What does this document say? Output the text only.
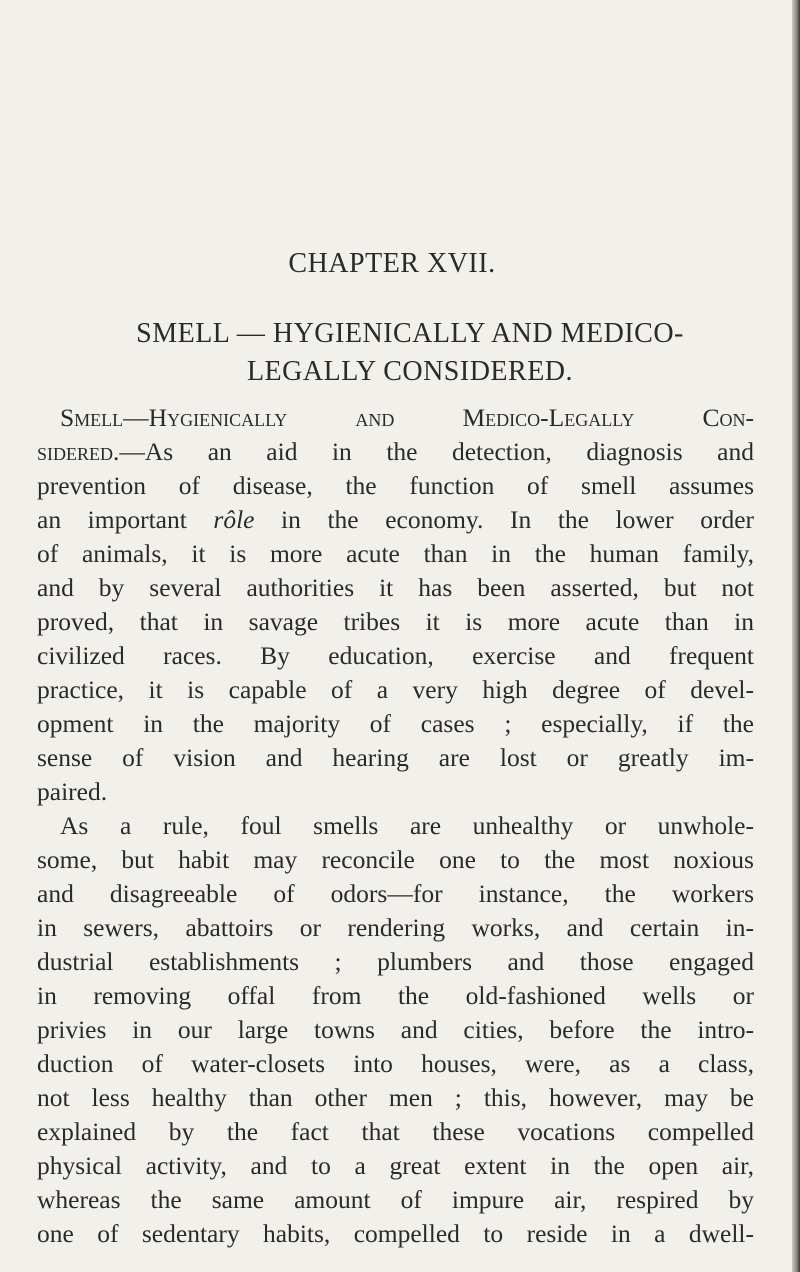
CHAPTER XVII.
SMELL — HYGIENICALLY AND MEDICO-
LEGALLY CONSIDERED.
Smell—Hygienically and Medico-Legally Con-
sidered.—As an aid in the detection, diagnosis and
prevention of disease, the function of smell assumes
an important rôle in the economy. In the lower order
of animals, it is more acute than in the human family,
and by several authorities it has been asserted, but not
proved, that in savage tribes it is more acute than in
civilized races. By education, exercise and frequent
practice, it is capable of a very high degree of devel-
opment in the majority of cases ; especially, if the
sense of vision and hearing are lost or greatly im-
paired.
As a rule, foul smells are unhealthy or unwhole-
some, but habit may reconcile one to the most noxious
and disagreeable of odors—for instance, the workers
in sewers, abattoirs or rendering works, and certain in-
dustrial establishments ; plumbers and those engaged
in removing offal from the old-fashioned wells or
privies in our large towns and cities, before the intro-
duction of water-closets into houses, were, as a class,
not less healthy than other men ; this, however, may be
explained by the fact that these vocations compelled
physical activity, and to a great extent in the open air,
whereas the same amount of impure air, respired by
one of sedentary habits, compelled to reside in a dwell-
